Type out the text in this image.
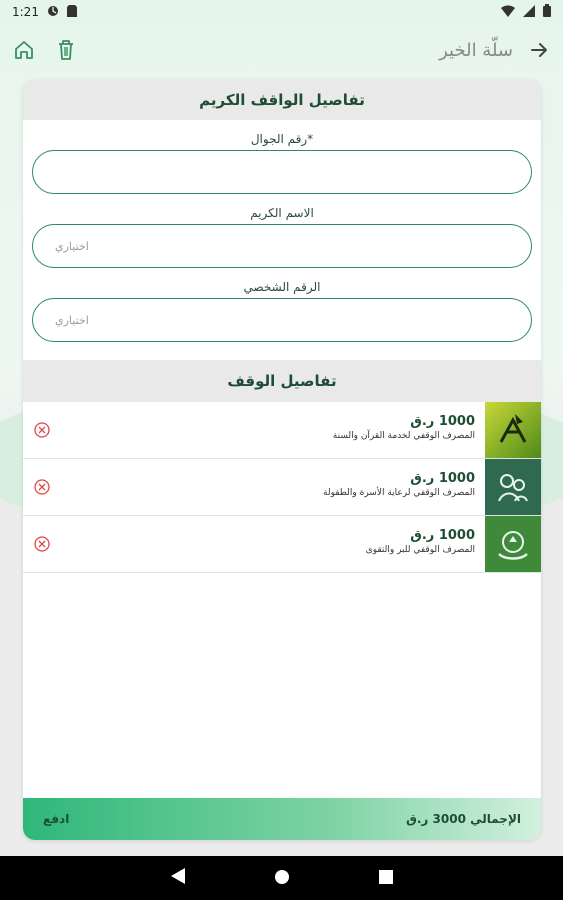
1:21
سلّة الخير
تفاصيل الواقف الكريم
رقم الجوال*
الاسم الكريم
اختياري
الرقم الشخصي
اختياري
تفاصيل الوقف
1000 ر.ق
المصرف الوقفي لخدمة القرآن والسنة
1000 ر.ق
المصرف الوقفي لرعاية الأسرة والطفولة
1000 ر.ق
المصرف الوقفي للبر والتقوى
ادفع	الإجمالي 3000 ر.ق
